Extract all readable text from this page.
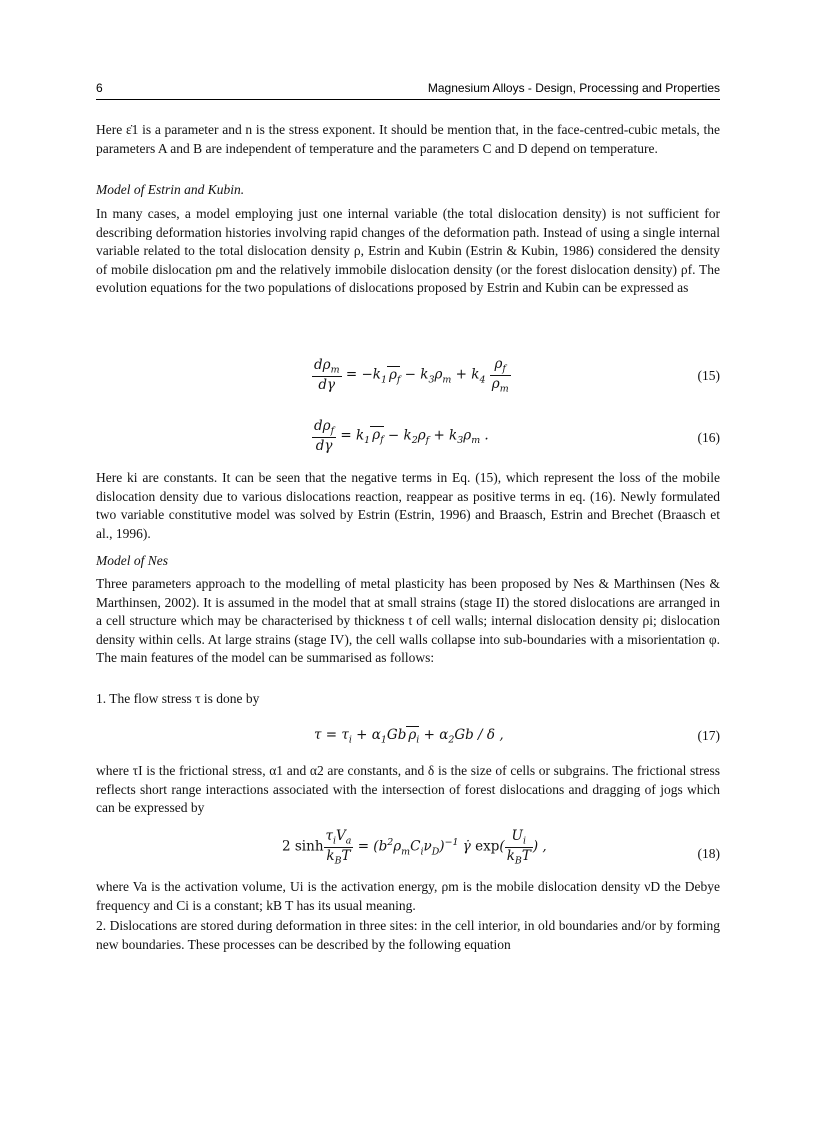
6	Magnesium Alloys - Design, Processing and Properties

Here ε̇1 is a parameter and n is the stress exponent. It should be mention that, in the face-centred-cubic metals, the parameters A and B are independent of temperature and the parameters C and D depend on temperature.

Model of Estrin and Kubin.

In many cases, a model employing just one internal variable (the total dislocation density) is not sufficient for describing deformation histories involving rapid changes of the deformation path. Instead of using a single internal variable related to the total dislocation density ρ, Estrin and Kubin (Estrin & Kubin, 1986) considered the density of mobile dislocation ρm and the relatively immobile dislocation density (or the forest dislocation density) ρf. The evolution equations for the two populations of dislocations proposed by Estrin and Kubin can be expressed as

$\frac{d\rho_m}{d\gamma} = -k_1$ $\rho_f - k_3\rho_m + k_4 \frac{\rho_f}{\rho_m}$	(15)
$\frac{d\rho_f}{d\gamma} = k_1$ $\rho_f - k_2\rho_f + k_3\rho_m$ .	(16)

Here ki are constants. It can be seen that the negative terms in Eq. (15), which represent the loss of the mobile dislocation density due to various dislocations reaction, reappear as positive terms in eq. (16). Newly formulated two variable constitutive model was solved by Estrin (Estrin, 1996) and Braasch, Estrin and Brechet (Braasch et al., 1996).

Model of Nes

Three parameters approach to the modelling of metal plasticity has been proposed by Nes & Marthinsen (Nes & Marthinsen, 2002). It is assumed in the model that at small strains (stage II) the stored dislocations are arranged in a cell structure which may be characterised by thickness t of cell walls; internal dislocation density ρi; dislocation density within cells. At large strains (stage IV), the cell walls collapse into sub-boundaries with a misorientation φ. The main features of the model can be summarised as follows:

1. The flow stress τ is done by

$\tau = \tau_i + \alpha_1Gb$ $\rho_i + \alpha_2Gb / \delta$ ,	(17)

where τI is the frictional stress, α1 and α2 are constants, and δ is the size of cells or subgrains. The frictional stress reflects short range interactions associated with the intersection of forest dislocations and dragging of jogs which can be expressed by

2 $\sinh \frac{\tau_iV_a}{k_BT} = (b^2\rho_mC_i\nu_D)^{-1}$ γ̇ $\exp( \frac{U_i}{k_BT}$ ) ,	(18)

where Va is the activation volume, Ui is the activation energy, ρm is the mobile dislocation density νD the Debye frequency and Ci is a constant; kB T has its usual meaning.

2. Dislocations are stored during deformation in three sites: in the cell interior, in old boundaries and/or by forming new boundaries. These processes can be described by the following equation
